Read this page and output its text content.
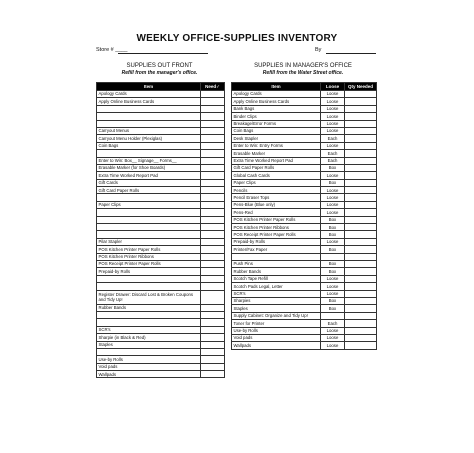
WEEKLY OFFICE-SUPPLIES INVENTORY
Store # ____	By
SUPPLIES OUT FRONT
Refill from the manager's office.
SUPPLIES IN MANAGER'S OFFICE
Refill from the Water Street office.
Item	Need✓
Apology Cards	
Apply Online Business Cards	

Carryout Menus	
Carryout Menu Holder (Plexiglas)	
Coin Bags	

Enter to Win: Box__ Signage__ Forms__	
Erasable Marker (for Shoe Boards)	
Extra Time Worked Report Pad	
Gift Cards	
Gift Card Paper Rolls	

Paper Clips	

Pilar Stapler	
POS Kitchen Printer Paper Rolls	
POS Kitchen Printer Ribbons	
POS Receipt Printer Paper Rolls	
Prepaid-by Rolls	

Register Drawer: Discard Lost & Broken Coupons and Tidy Up!	
Rubber Bands	

SCR's	
Sharpie (in Black & Red)	
Staples	

Use-by Rolls	
Void pads	
Wallpads	
Item	Loose	Qty Needed
Apology Cards	Loose	
Apply Online Business Cards	Loose	
Bank Bags	Loose	
Binder Clips	Loose	
Breakage/Error Forms	Loose	
Coin Bags	Loose	
Desk Stapler	Each	
Enter to Win: Entry Forms	Loose	
Erasable Marker	Each	
Extra Time Worked Report Pad	Each	
Gift Card Paper Rolls	Box	
Global Cash Cards	Loose	
Paper Clips	Box	
Pencils	Loose	
Pencil Eraser Tops	Loose	
Pens-Blue (Blue only)	Loose	
Pens-Red	Loose	
POS Kitchen Printer Paper Rolls	Box	
POS Kitchen Printer Ribbons	Box	
POS Receipt Printer Paper Rolls	Box	
Prepaid-by Rolls	Loose	
Printer/Fax Paper	Box	

Push Pins	Box	
Rubber Bands	Box	
Scotch Tape Refill	Loose	
Scotch Pads Legal, Letter	Loose	
SCR's	Loose	
Sharpies	Box	
Staples	Box	
Supply Cabinet: Organize and Tidy Up!		
Toner for Printer	Each	
Use-by Rolls	Loose	
Void pads	Loose	
Wallpads	Loose	
